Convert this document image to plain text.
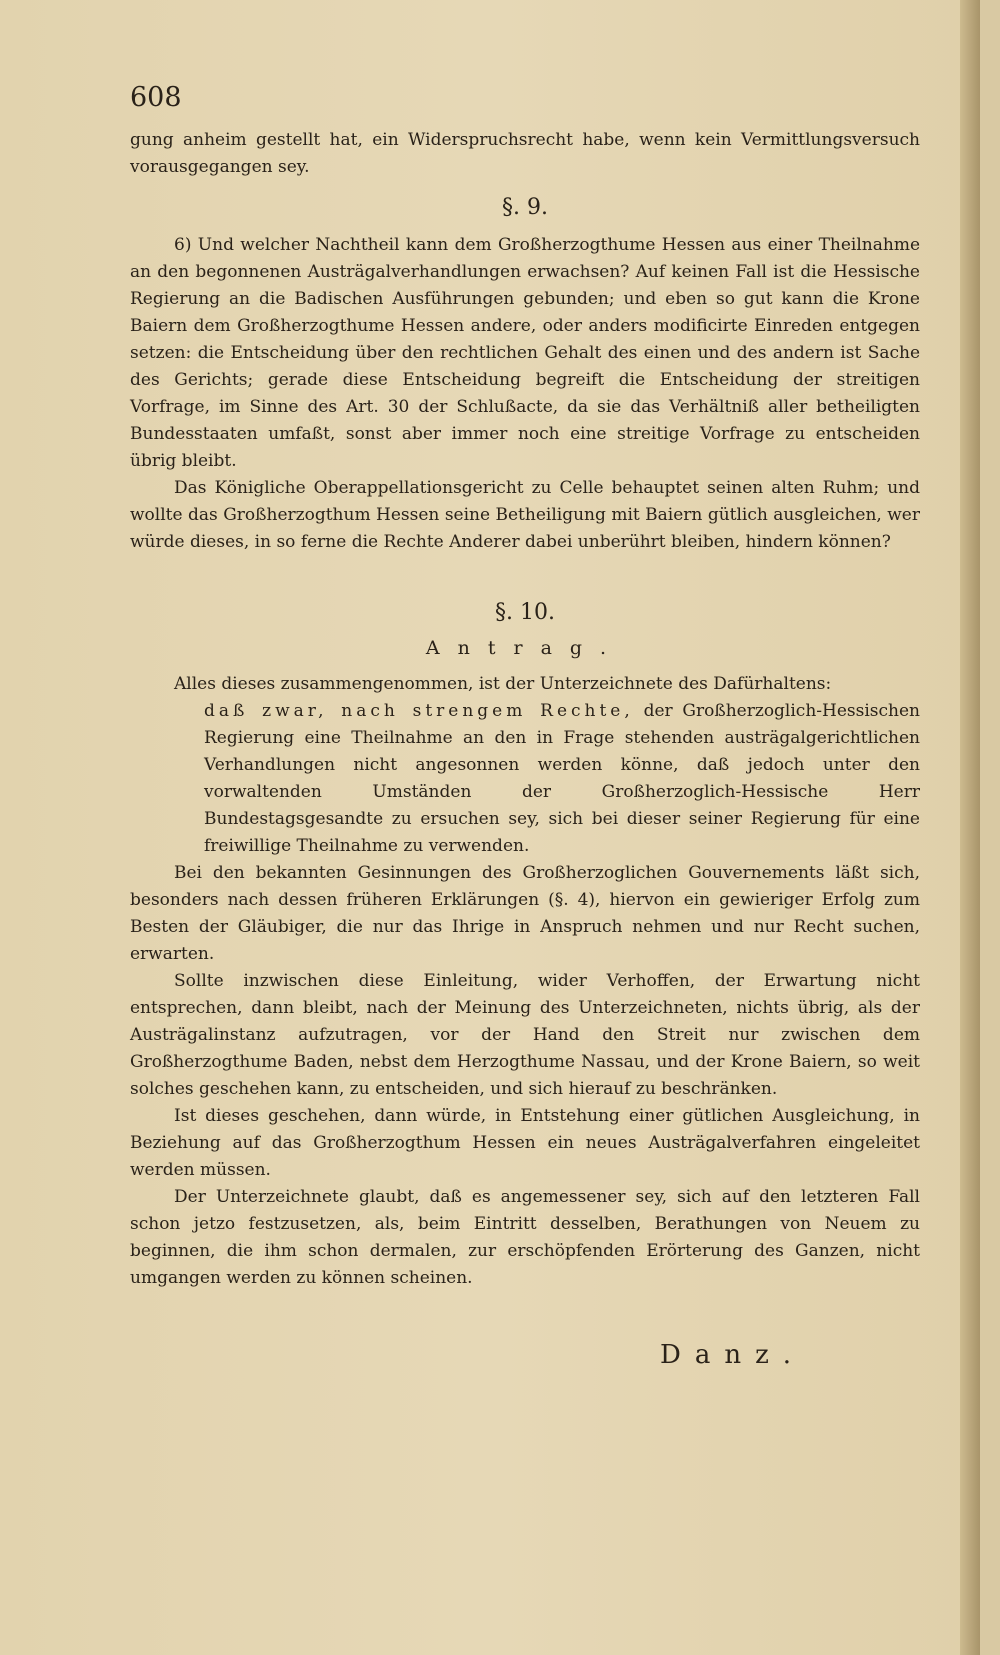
608

gung anheim gestellt hat, ein Widerspruchsrecht habe, wenn kein Vermittlungsversuch vorausgegangen sey.

§. 9.

6) Und welcher Nachtheil kann dem Großherzogthume Hessen aus einer Theilnahme an den begonnenen Austrägalverhandlungen erwachsen? Auf keinen Fall ist die Hessische Regierung an die Badischen Ausführungen gebunden; und eben so gut kann die Krone Baiern dem Großherzogthume Hessen andere, oder anders modificirte Einreden entgegen setzen: die Entscheidung über den rechtlichen Gehalt des einen und des andern ist Sache des Gerichts; gerade diese Entscheidung begreift die Entscheidung der streitigen Vorfrage, im Sinne des Art. 30 der Schlußacte, da sie das Verhältniß aller betheiligten Bundesstaaten umfaßt, sonst aber immer noch eine streitige Vorfrage zu entscheiden übrig bleibt.

Das Königliche Oberappellationsgericht zu Celle behauptet seinen alten Ruhm; und wollte das Großherzogthum Hessen seine Betheiligung mit Baiern gütlich ausgleichen, wer würde dieses, in so ferne die Rechte Anderer dabei unberührt bleiben, hindern können?

§. 10.
Antrag.

Alles dieses zusammengenommen, ist der Unterzeichnete des Dafürhaltens:

daß zwar, nach strengem Rechte, der Großherzoglich-Hessischen Regierung eine Theilnahme an den in Frage stehenden austrägalgerichtlichen Verhandlungen nicht angesonnen werden könne, daß jedoch unter den vorwaltenden Umständen der Großherzoglich-Hessische Herr Bundestagsgesandte zu ersuchen sey, sich bei dieser seiner Regierung für eine freiwillige Theilnahme zu verwenden.

Bei den bekannten Gesinnungen des Großherzoglichen Gouvernements läßt sich, besonders nach dessen früheren Erklärungen (§. 4), hiervon ein gewieriger Erfolg zum Besten der Gläubiger, die nur das Ihrige in Anspruch nehmen und nur Recht suchen, erwarten.

Sollte inzwischen diese Einleitung, wider Verhoffen, der Erwartung nicht entsprechen, dann bleibt, nach der Meinung des Unterzeichneten, nichts übrig, als der Austrägalinstanz aufzutragen, vor der Hand den Streit nur zwischen dem Großherzogthume Baden, nebst dem Herzogthume Nassau, und der Krone Baiern, so weit solches geschehen kann, zu entscheiden, und sich hierauf zu beschränken.

Ist dieses geschehen, dann würde, in Entstehung einer gütlichen Ausgleichung, in Beziehung auf das Großherzogthum Hessen ein neues Austrägalverfahren eingeleitet werden müssen.

Der Unterzeichnete glaubt, daß es angemessener sey, sich auf den letzteren Fall schon jetzo festzusetzen, als, beim Eintritt desselben, Berathungen von Neuem zu beginnen, die ihm schon dermalen, zur erschöpfenden Erörterung des Ganzen, nicht umgangen werden zu können scheinen.

Danz.
